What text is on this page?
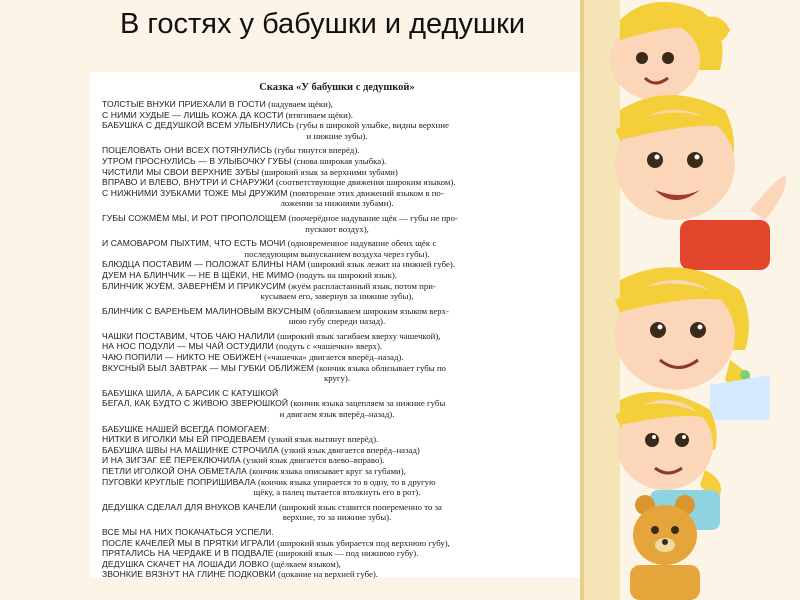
В гостях у бабушки и дедушки
Сказка «У бабушки с дедушкой»
ТОЛСТЫЕ ВНУКИ ПРИЕХАЛИ В ГОСТИ (надуваем щёки),
С НИМИ ХУДЫЕ — ЛИШЬ КОЖА ДА КОСТИ (втягиваем щёки).
БАБУШКА С ДЕДУШКОЙ ВСЕМ УЛЫБНУЛИСЬ (губы в широкой улыбке, видны верхние
и нижние зубы).
ПОЦЕЛОВАТЬ ОНИ ВСЕХ ПОТЯНУЛИСЬ (губы тянутся вперёд).
УТРОМ ПРОСНУЛИСЬ — В УЛЫБОЧКУ ГУБЫ (снова широкая улыбка).
ЧИСТИЛИ МЫ СВОИ ВЕРХНИЕ ЗУБЫ (широкий язык за верхними зубами)
ВПРАВО И ВЛЕВО, ВНУТРИ И СНАРУЖИ (соответствующие движения широким языком).
С НИЖНИМИ ЗУБКАМИ ТОЖЕ МЫ ДРУЖИМ (повторение этих движений языком в по-
ложении за нижними зубами).
ГУБЫ СОЖМЁМ МЫ, И РОТ ПРОПОЛОЩЕМ (поочерёдное надувание щёк — губы не про-
пускают воздух),
И САМОВАРОМ ПЫХТИМ, ЧТО ЕСТЬ МОЧИ (одновременное надувание обеих щёк с
последующим выпусканием воздуха через губы).
БЛЮДЦА ПОСТАВИМ — ПОЛОЖАТ БЛИНЫ НАМ (широкий язык лежит на нижней губе).
ДУЕМ НА БЛИНЧИК — НЕ В ЩЁКИ, НЕ МИМО (подуть на широкий язык).
БЛИНЧИК ЖУЁМ, ЗАВЕРНЁМ И ПРИКУСИМ (жуём распластанный язык, потом при-
кусываем его, завернув за нижние зубы),
БЛИНЧИК С ВАРЕНЬЕМ МАЛИНОВЫМ ВКУСНЫМ (облизываем широким языком верх-
нюю губу спереди назад).
ЧАШКИ ПОСТАВИМ, ЧТОБ ЧАЮ НАЛИЛИ (широкий язык загибаем кверху чашечкой),
НА НОС ПОДУЛИ — МЫ ЧАЙ ОСТУДИЛИ (подуть с «чашечки» вверх).
ЧАЮ ПОПИЛИ — НИКТО НЕ ОБИЖЕН («чашечка» двигается вперёд–назад).
ВКУСНЫЙ БЫЛ ЗАВТРАК — МЫ ГУБКИ ОБЛИЖЕМ (кончик языка облизывает губы по
кругу).
БАБУШКА ШИЛА, А БАРСИК С КАТУШКОЙ
БЕГАЛ, КАК БУДТО С ЖИВОЮ ЗВЕРЮШКОЙ (кончик языка зацепляем за нижние губы
и двигаем язык вперёд–назад).
БАБУШКЕ НАШЕЙ ВСЕГДА ПОМОГАЕМ:
НИТКИ В ИГОЛКИ МЫ ЕЙ ПРОДЕВАЕМ (узкий язык вытянут вперёд).
БАБУШКА ШВЫ НА МАШИНКЕ СТРОЧИЛА (узкий язык двигается вперёд–назад)
И НА ЗИГЗАГ ЕЁ ПЕРЕКЛЮЧИЛА (узкий язык двигается влево–вправо).
ПЕТЛИ ИГОЛКОЙ ОНА ОБМЕТАЛА (кончик языка описывает круг за губами),
ПУГОВКИ КРУГЛЫЕ ПОПРИШИВАЛА (кончик языка упирается то в одну, то в другую
щёку, а палец пытается втолкнуть его в рот).
ДЕДУШКА СДЕЛАЛ ДЛЯ ВНУКОВ КАЧЕЛИ (широкий язык ставится попеременно то за
верхние, то за нижние зубы).
ВСЕ МЫ НА НИХ ПОКАЧАТЬСЯ УСПЕЛИ.
ПОСЛЕ КАЧЕЛЕЙ МЫ В ПРЯТКИ ИГРАЛИ (широкий язык убирается под верхнюю губу),
ПРЯТАЛИСЬ НА ЧЕРДАКЕ И В ПОДВАЛЕ (широкий язык — под нижнюю губу).
ДЕДУШКА СКАЧЕТ НА ЛОШАДИ ЛОВКО (щёлкаем языком),
ЗВОНКИЕ ВЯЗНУТ НА ГЛИНЕ ПОДКОВКИ (цокание на верхней губе).
